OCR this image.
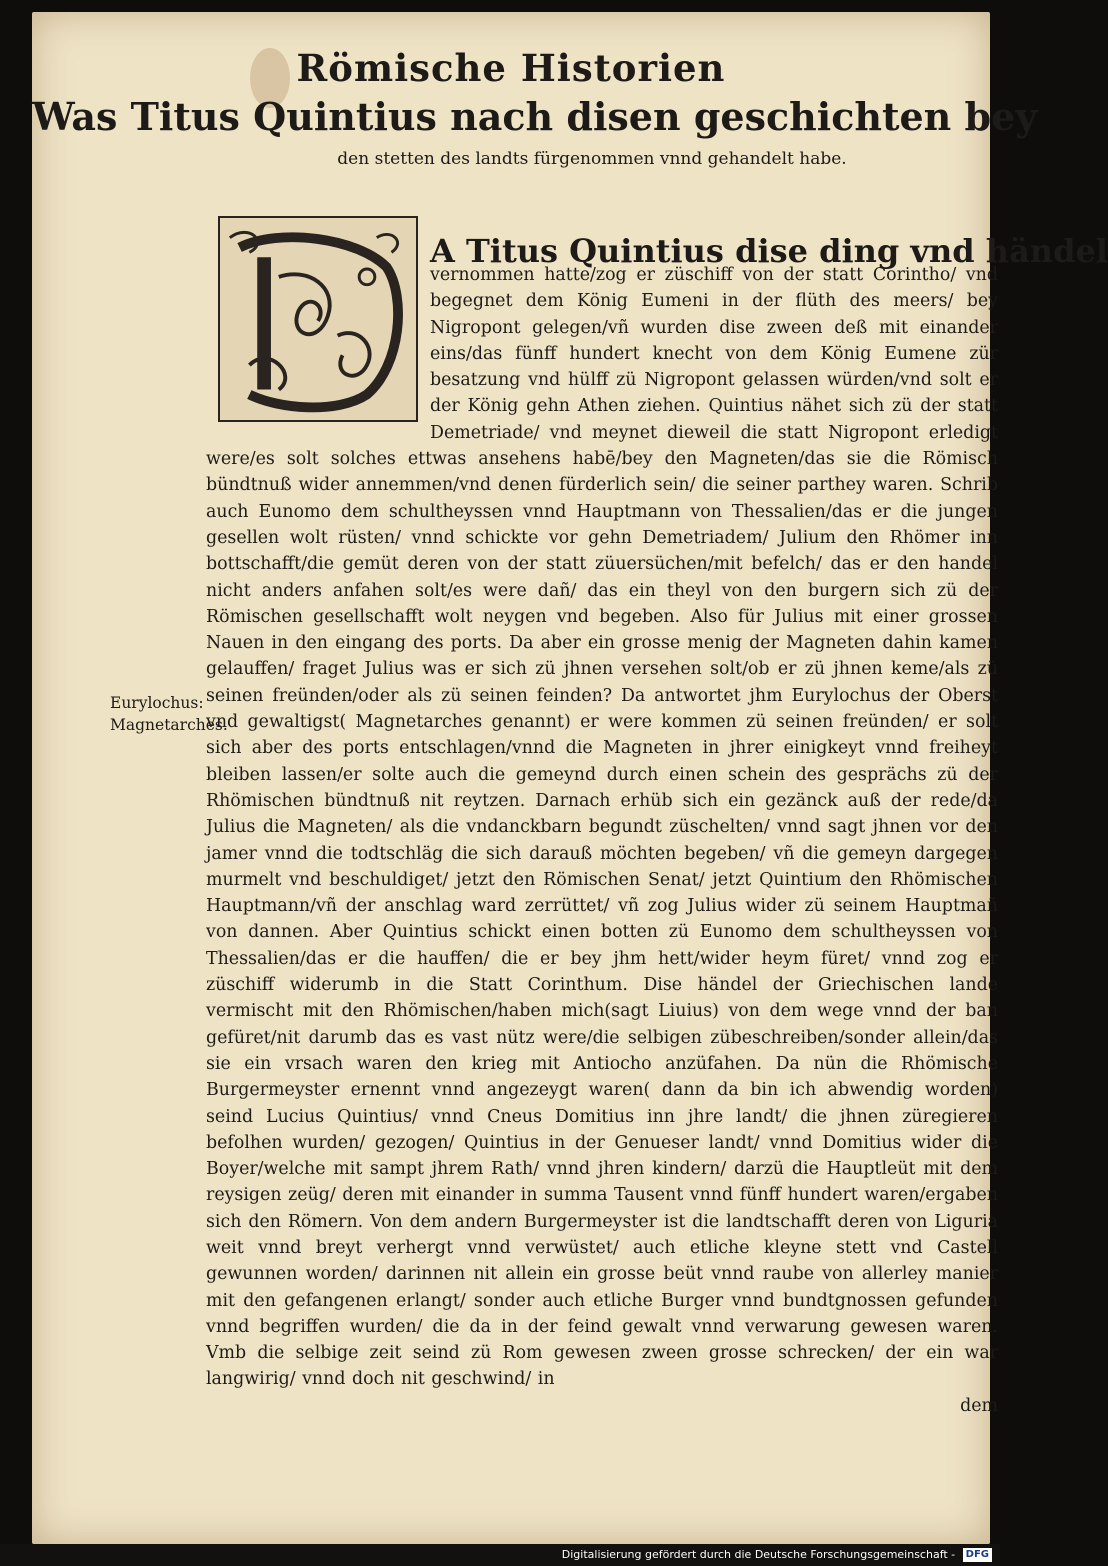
Römische Historien
Was Titus Quintius nach disen geschichten bey
den stetten des landts fürgenommen vnnd gehandelt habe.
A Titus Quintius dise ding vnd händel
vernommen hatte/zog er züschiff von der statt Corintho/ vnd begegnet dem König Eumeni in der flüth des meers/ bey Nigropont gelegen/vñ wurden dise zween deß mit einander eins/das fünff hundert knecht von dem König Eumene zür besatzung vnd hülff zü Nigropont gelassen würden/vnd solt er der König gehn Athen ziehen. Quintius nähet sich zü der statt Demetriade/ vnd meynet dieweil die statt Nigropont erledigt were/es solt solches ettwas ansehens habē/bey den Magneten/das sie die Römisch bündtnuß wider annemmen/vnd denen fürderlich sein/ die seiner parthey waren. Schrib auch Eunomo dem schultheyssen vnnd Hauptmann von Thessalien/das er die jungen gesellen wolt rüsten/ vnnd schickte vor gehn Demetriadem/ Julium den Rhömer inn bottschafft/die gemüt deren von der statt züuersüchen/mit befelch/ das er den handel nicht anders anfahen solt/es were dañ/ das ein theyl von den burgern sich zü der Römischen gesellschafft wolt neygen vnd begeben. Also für Julius mit einer grossen Nauen in den eingang des ports. Da aber ein grosse menig der Magneten dahin kamen gelauffen/ fraget Julius was er sich zü jhnen versehen solt/ob er zü jhnen keme/als zü seinen freünden/oder als zü seinen feinden? Da antwortet jhm Eurylochus der Oberst vnd gewaltigst( Magnetarches genannt) er were kommen zü seinen freünden/ er solt sich aber des ports entschlagen/vnnd die Magneten in jhrer einigkeyt vnnd freiheyt bleiben lassen/er solte auch die gemeynd durch einen schein des gesprächs zü der Rhömischen bündtnuß nit reytzen. Darnach erhüb sich ein gezänck auß der rede/da Julius die Magneten/ als die vndanckbarn begundt züschelten/ vnnd sagt jhnen vor den jamer vnnd die todtschläg die sich darauß möchten begeben/ vñ die gemeyn dargegen murmelt vnd beschuldiget/ jetzt den Römischen Senat/ jetzt Quintium den Rhömischen Hauptmann/vñ der anschlag ward zerrüttet/ vñ zog Julius wider zü seinem Hauptmañ von dannen. Aber Quintius schickt einen botten zü Eunomo dem schultheyssen von Thessalien/das er die hauffen/ die er bey jhm hett/wider heym füret/ vnnd zog er züschiff widerumb in die Statt Corinthum. Dise händel der Griechischen lande vermischt mit den Rhömischen/haben mich(sagt Liuius) von dem wege vnnd der ban gefüret/nit darumb das es vast nütz were/die selbigen zübeschreiben/sonder allein/das sie ein vrsach waren den krieg mit Antiocho anzüfahen. Da nün die Rhömische Burgermeyster ernennt vnnd angezeygt waren( dann da bin ich abwendig worden) seind Lucius Quintius/ vnnd Cneus Domitius inn jhre landt/ die jhnen züregieren befolhen wurden/ gezogen/ Quintius in der Genueser landt/ vnnd Domitius wider die Boyer/welche mit sampt jhrem Rath/ vnnd jhren kindern/ darzü die Hauptleüt mit dem reysigen zeüg/ deren mit einander in summa Tausent vnnd fünff hundert waren/ergaben sich den Römern. Von dem andern Burgermeyster ist die landtschafft deren von Liguria weit vnnd breyt verhergt vnnd verwüstet/ auch etliche kleyne stett vnd Castell gewunnen worden/ darinnen nit allein ein grosse beüt vnnd raube von allerley manier mit den gefangenen erlangt/ sonder auch etliche Burger vnnd bundtgnossen gefunden vnnd begriffen wurden/ die da in der feind gewalt vnnd verwarung gewesen waren. Vmb die selbige zeit seind zü Rom gewesen zween grosse schrecken/ der ein war langwirig/ vnnd doch nit geschwind/ in

dem
Eurylochus: Magnetarches.
Digitalisierung gefördert durch die Deutsche Forschungsgemeinschaft - DFG
